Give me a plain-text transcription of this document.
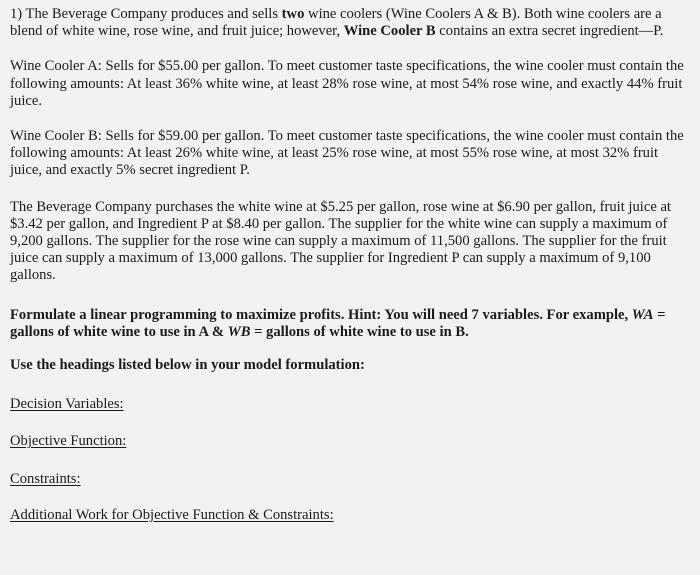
1) The Beverage Company produces and sells two wine coolers (Wine Coolers A & B). Both wine coolers are a blend of white wine, rose wine, and fruit juice; however, Wine Cooler B contains an extra secret ingredient—P.

Wine Cooler A: Sells for $55.00 per gallon. To meet customer taste specifications, the wine cooler must contain the following amounts: At least 36% white wine, at least 28% rose wine, at most 54% rose wine, and exactly 44% fruit juice.

Wine Cooler B: Sells for $59.00 per gallon. To meet customer taste specifications, the wine cooler must contain the following amounts: At least 26% white wine, at least 25% rose wine, at most 55% rose wine, at most 32% fruit juice, and exactly 5% secret ingredient P.

The Beverage Company purchases the white wine at $5.25 per gallon, rose wine at $6.90 per gallon, fruit juice at $3.42 per gallon, and Ingredient P at $8.40 per gallon. The supplier for the white wine can supply a maximum of 9,200 gallons. The supplier for the rose wine can supply a maximum of 11,500 gallons. The supplier for the fruit juice can supply a maximum of 13,000 gallons. The supplier for Ingredient P can supply a maximum of 9,100 gallons.

Formulate a linear programming to maximize profits. Hint: You will need 7 variables. For example, WA = gallons of white wine to use in A & WB = gallons of white wine to use in B.

Use the headings listed below in your model formulation:

Decision Variables:

Objective Function:

Constraints:

Additional Work for Objective Function & Constraints:
